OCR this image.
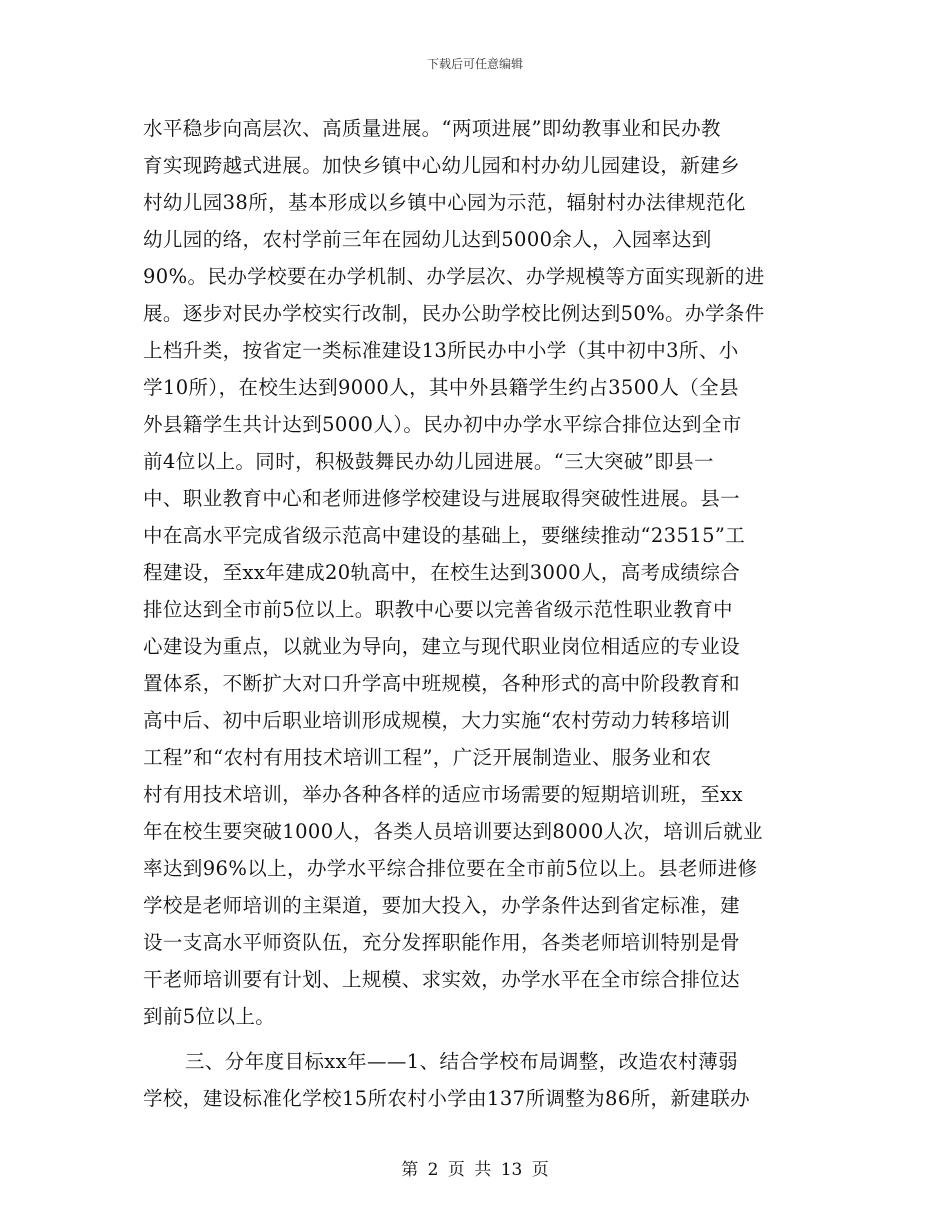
下载后可任意编辑
水平稳步向高层次、高质量进展。“两项进展”即幼教事业和民办教
育实现跨越式进展。加快乡镇中心幼儿园和村办幼儿园建设，新建乡
村幼儿园38所，基本形成以乡镇中心园为示范，辐射村办法律规范化
幼儿园的络，农村学前三年在园幼儿达到5000余人，入园率达到
90%。民办学校要在办学机制、办学层次、办学规模等方面实现新的进
展。逐步对民办学校实行改制，民办公助学校比例达到50%。办学条件
上档升类，按省定一类标准建设13所民办中小学（其中初中3所、小
学10所），在校生达到9000人，其中外县籍学生约占3500人（全县
外县籍学生共计达到5000人）。民办初中办学水平综合排位达到全市
前4位以上。同时，积极鼓舞民办幼儿园进展。“三大突破”即县一
中、职业教育中心和老师进修学校建设与进展取得突破性进展。县一
中在高水平完成省级示范高中建设的基础上，要继续推动“23515”工
程建设，至xx年建成20轨高中，在校生达到3000人，高考成绩综合
排位达到全市前5位以上。职教中心要以完善省级示范性职业教育中
心建设为重点，以就业为导向，建立与现代职业岗位相适应的专业设
置体系，不断扩大对口升学高中班规模，各种形式的高中阶段教育和
高中后、初中后职业培训形成规模，大力实施“农村劳动力转移培训
工程”和“农村有用技术培训工程”，广泛开展制造业、服务业和农
村有用技术培训，举办各种各样的适应市场需要的短期培训班，至xx
年在校生要突破1000人，各类人员培训要达到8000人次，培训后就业
率达到96%以上，办学水平综合排位要在全市前5位以上。县老师进修
学校是老师培训的主渠道，要加大投入，办学条件达到省定标准，建
设一支高水平师资队伍，充分发挥职能作用，各类老师培训特别是骨
干老师培训要有计划、上规模、求实效，办学水平在全市综合排位达
到前5位以上。
三、分年度目标xx年——1、结合学校布局调整，改造农村薄弱
学校，建设标准化学校15所农村小学由137所调整为86所，新建联办
第 2 页 共 13 页
